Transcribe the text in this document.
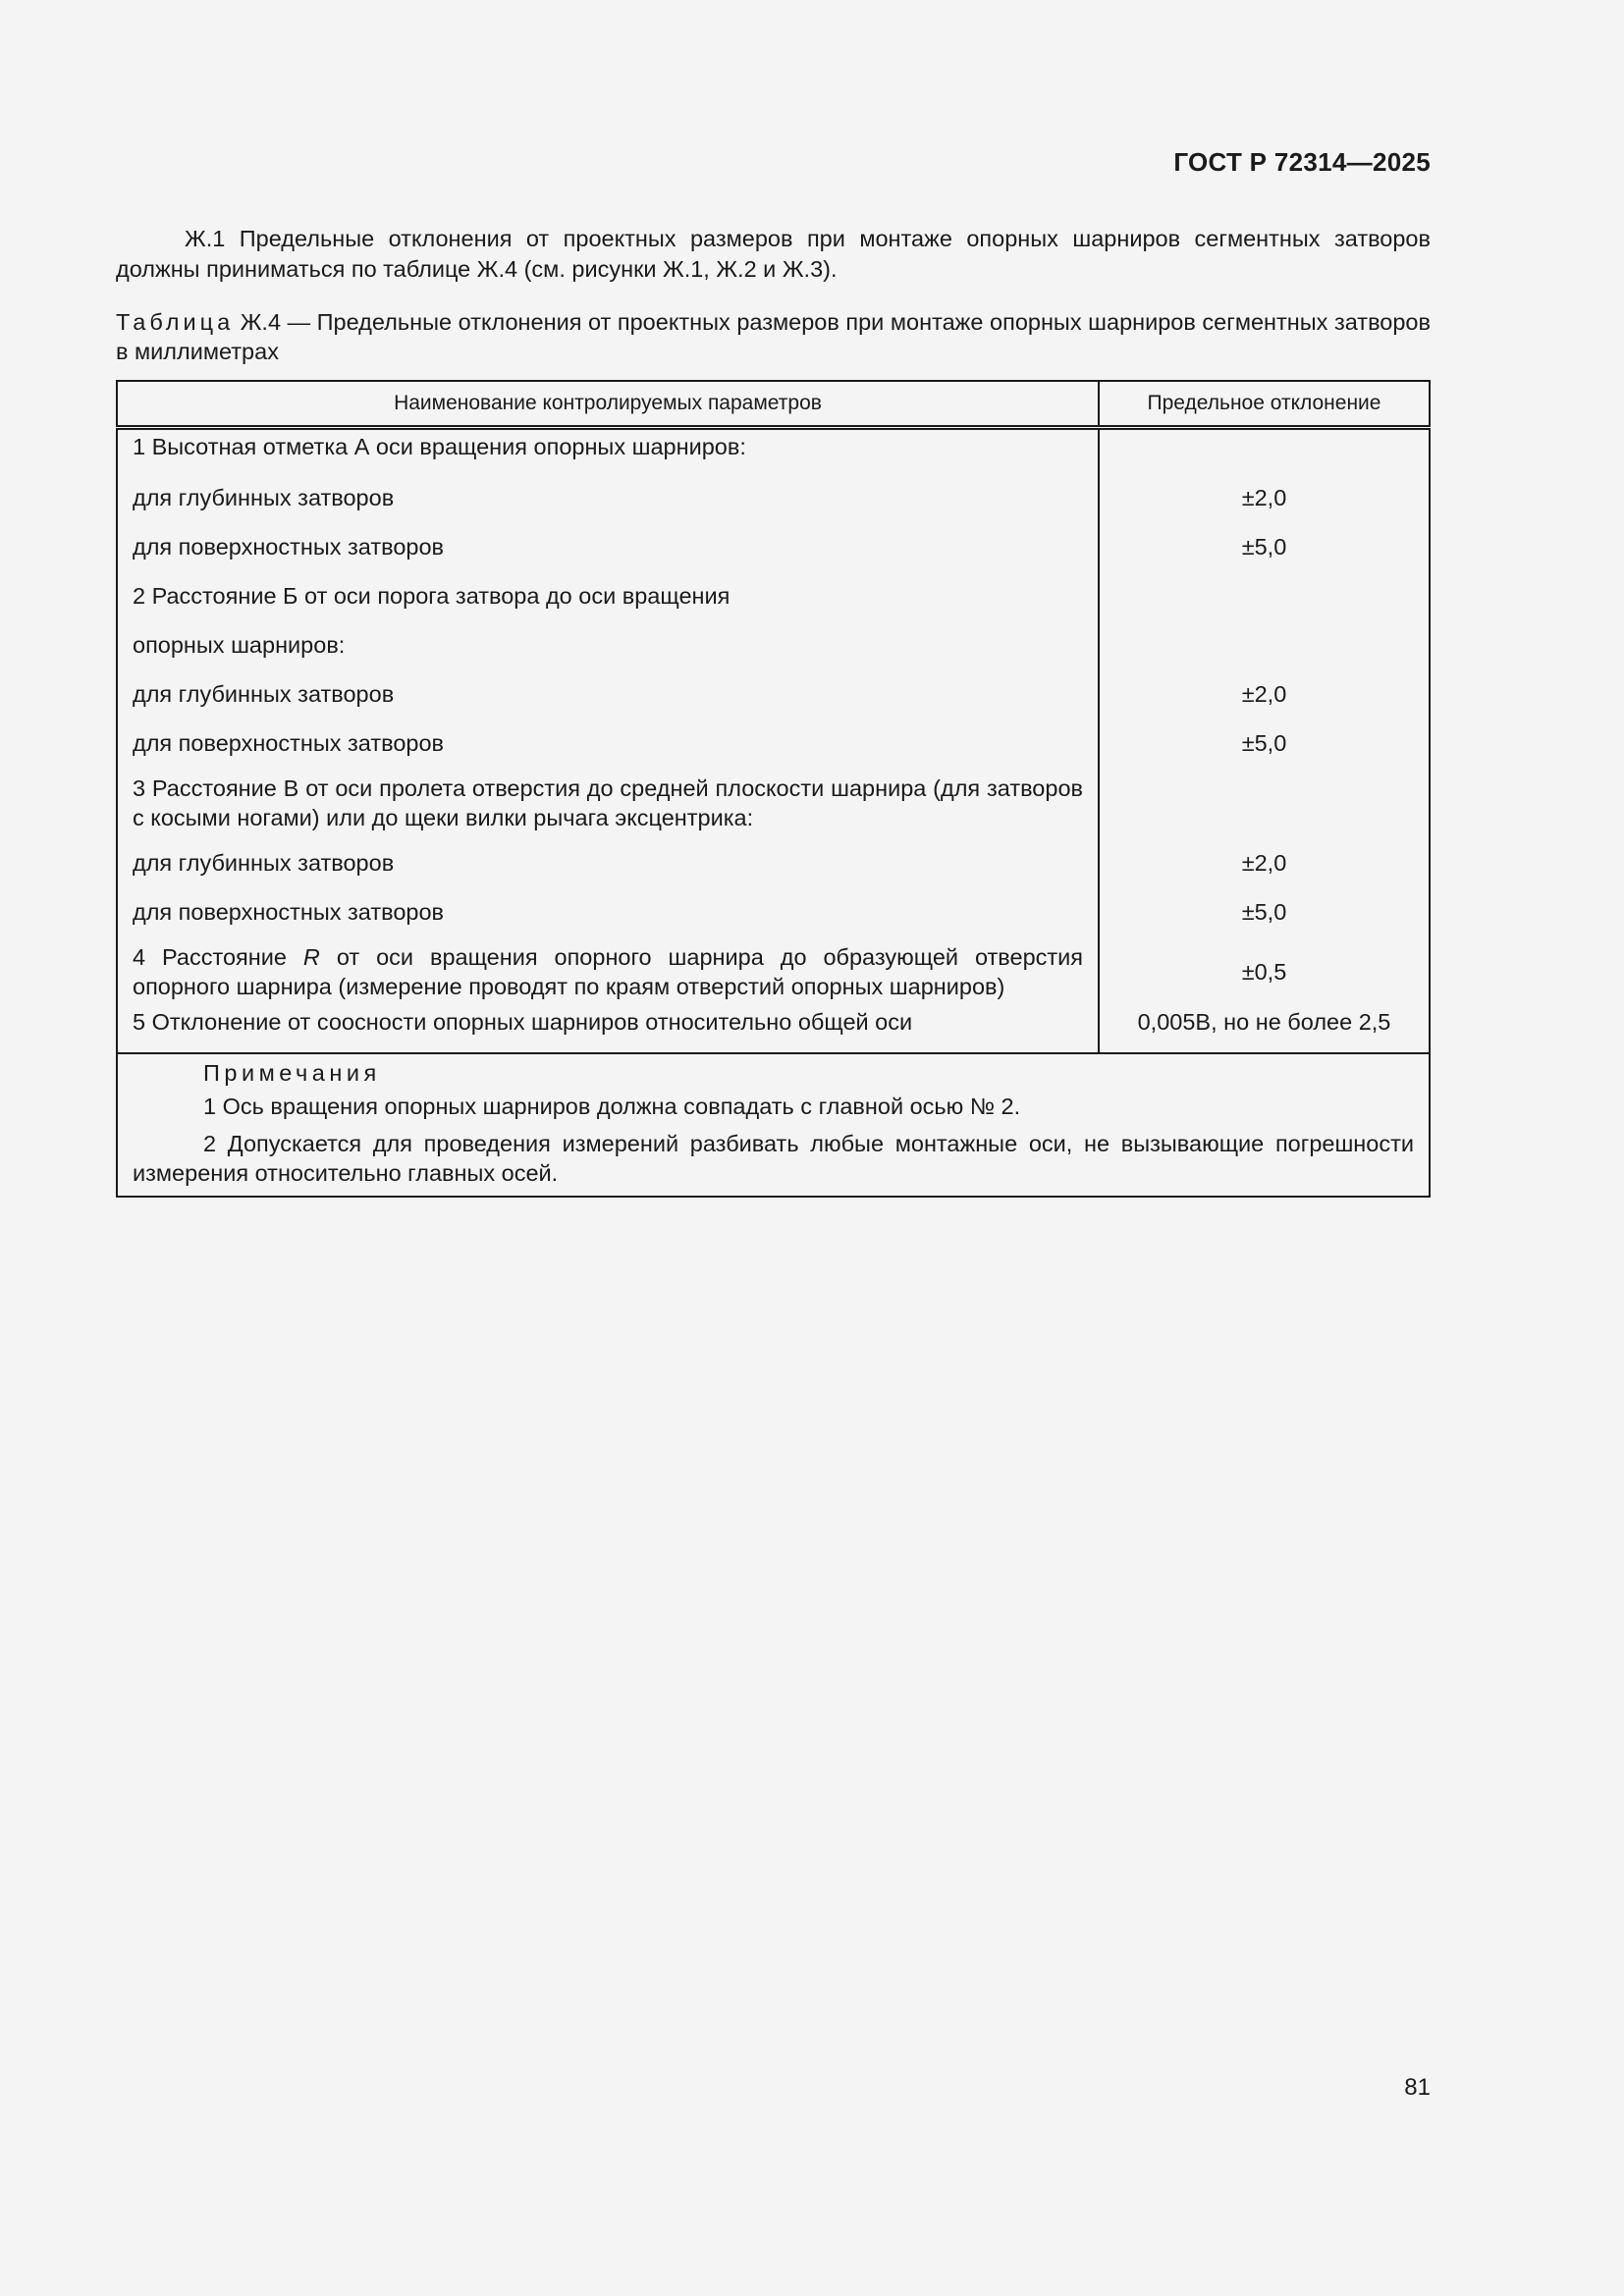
ГОСТ Р 72314—2025

Ж.1 Предельные отклонения от проектных размеров при монтаже опорных шарниров сегментных затворов должны приниматься по таблице Ж.4 (см. рисунки Ж.1, Ж.2 и Ж.3).

Таблица Ж.4 — Предельные отклонения от проектных размеров при монтаже опорных шарниров сегментных затворов в миллиметрах

Наименование контролируемых параметров	Предельное отклонение
1 Высотная отметка А оси вращения опорных шарниров:	
для глубинных затворов	±2,0
для поверхностных затворов	±5,0
2 Расстояние Б от оси порога затвора до оси вращения	
опорных шарниров:	
для глубинных затворов	±2,0
для поверхностных затворов	±5,0
3 Расстояние В от оси пролета отверстия до средней плоскости шарнира (для затворов с косыми ногами) или до щеки вилки рычага эксцентрика:	
для глубинных затворов	±2,0
для поверхностных затворов	±5,0
4 Расстояние R от оси вращения опорного шарнира до образующей отверстия опорного шарнира (измерение проводят по краям отверстий опорных шарниров)	±0,5
5 Отклонение от соосности опорных шарниров относительно общей оси	0,005В, но не более 2,5

Примечания
1 Ось вращения опорных шарниров должна совпадать с главной осью № 2.
2 Допускается для проведения измерений разбивать любые монтажные оси, не вызывающие погрешности измерения относительно главных осей.	
81
